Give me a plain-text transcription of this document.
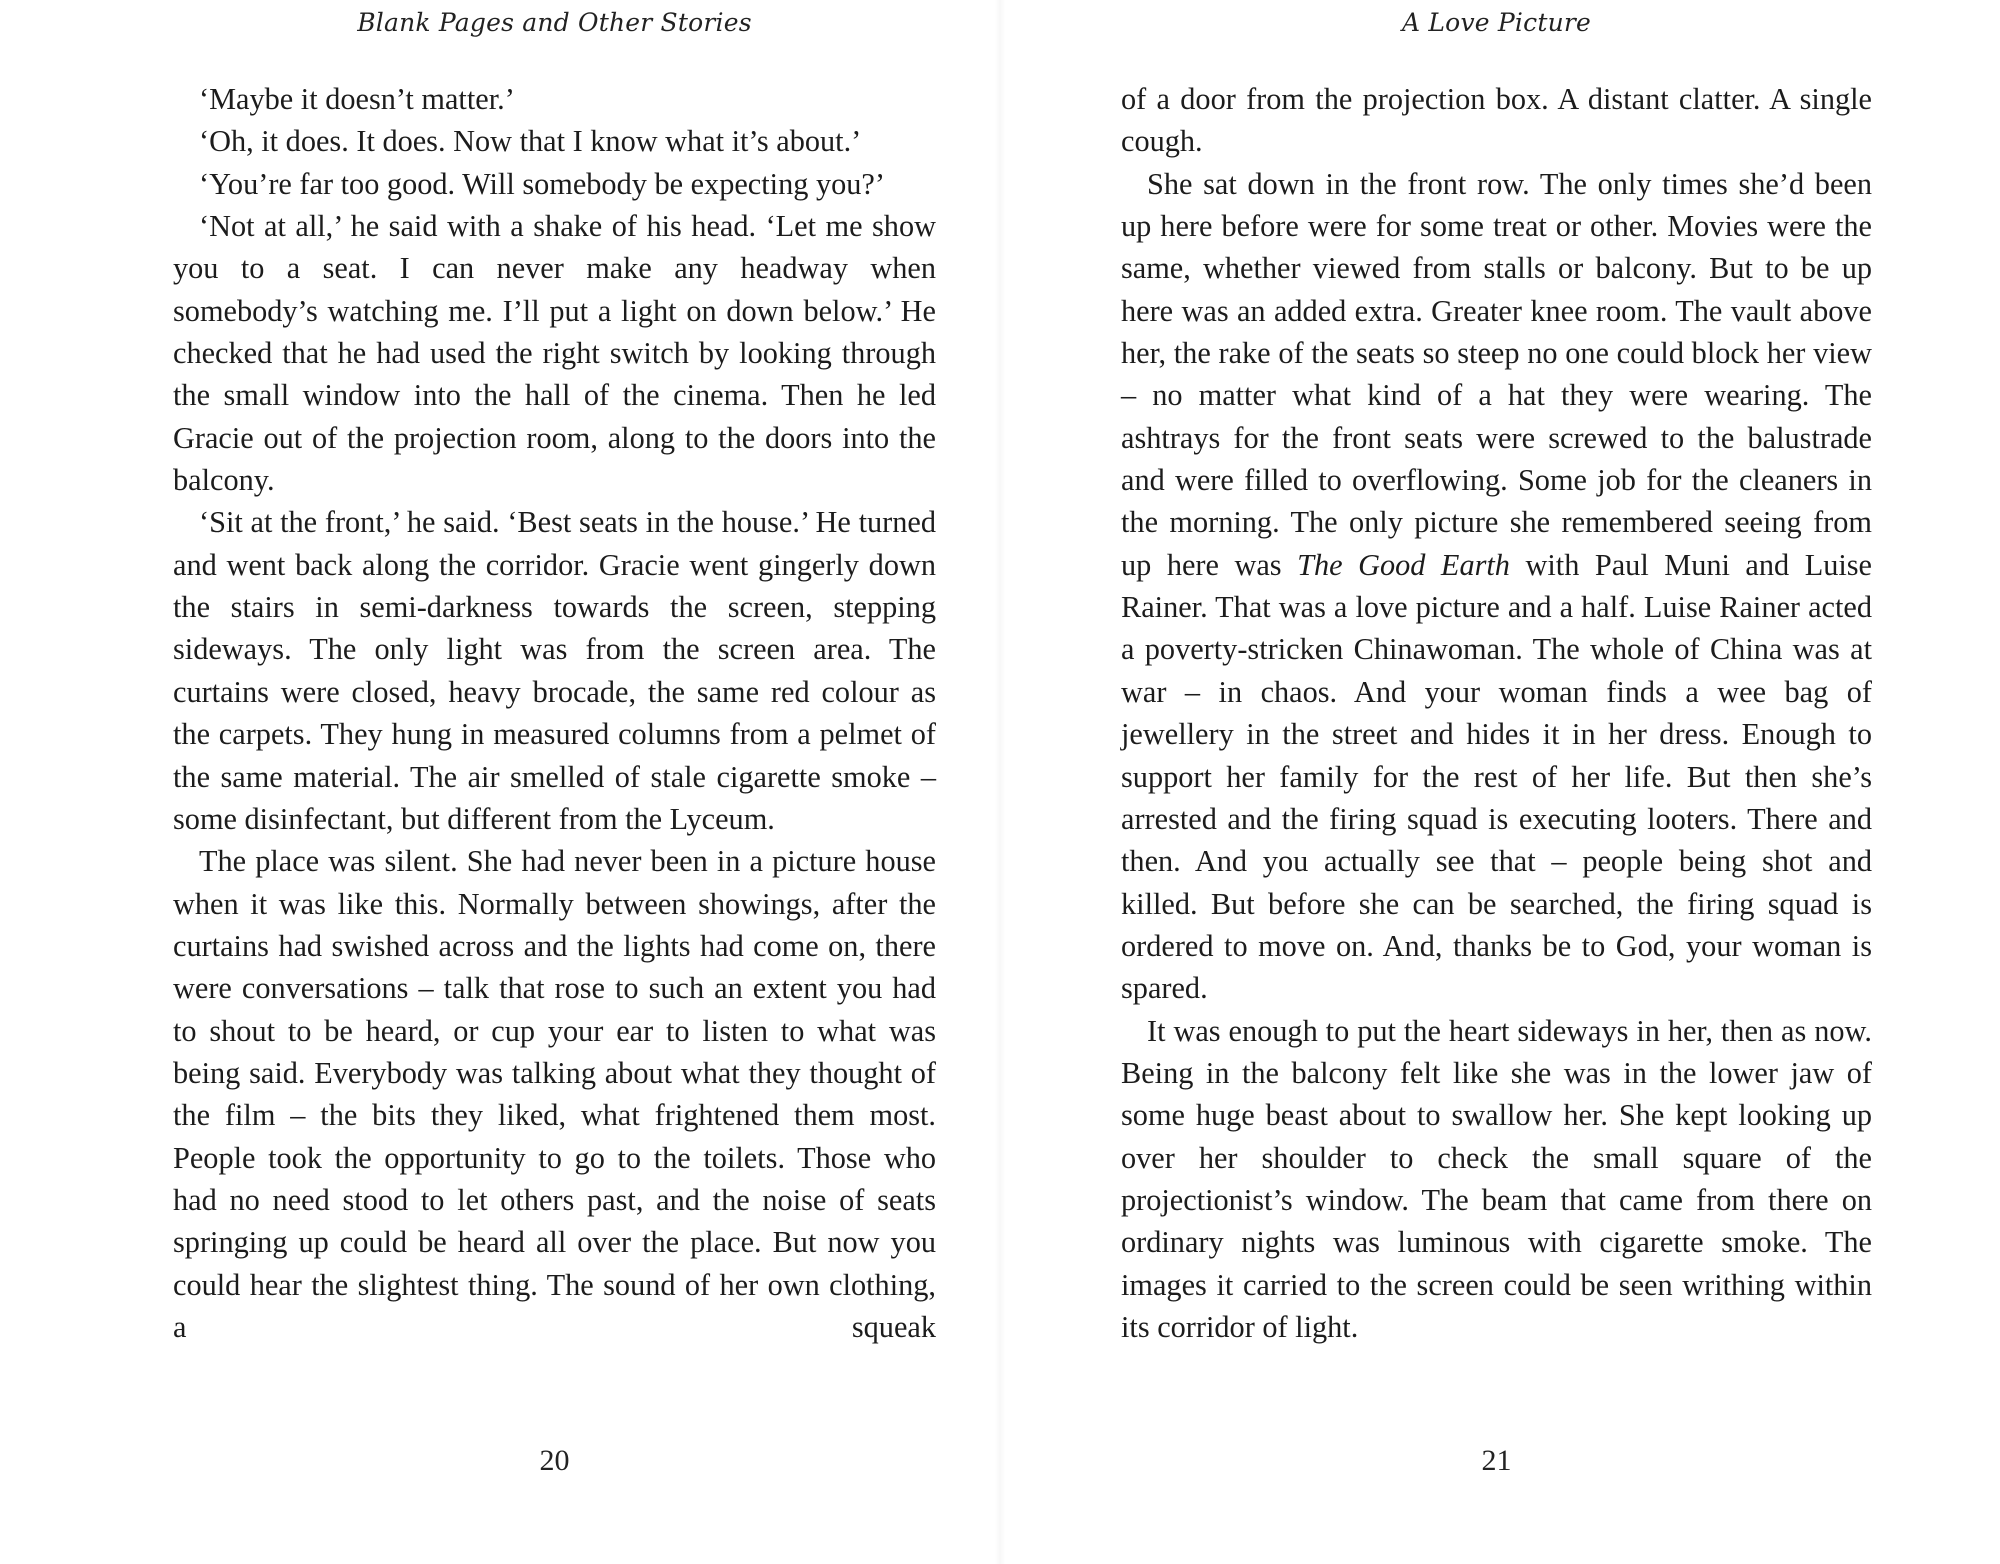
Blank Pages and Other Stories

‘Maybe it doesn’t matter.’

‘Oh, it does. It does. Now that I know what it’s about.’

‘You’re far too good. Will somebody be expecting you?’

‘Not at all,’ he said with a shake of his head. ‘Let me show you to a seat. I can never make any headway when somebody’s watching me. I’ll put a light on down below.’ He checked that he had used the right switch by looking through the small window into the hall of the cinema. Then he led Gracie out of the projection room, along to the doors into the balcony.

‘Sit at the front,’ he said. ‘Best seats in the house.’ He turned and went back along the corridor. Gracie went gingerly down the stairs in semi-darkness towards the screen, stepping sideways. The only light was from the screen area. The curtains were closed, heavy brocade, the same red colour as the carpets. They hung in measured columns from a pelmet of the same material. The air smelled of stale cigarette smoke – some disinfectant, but different from the Lyceum.

The place was silent. She had never been in a picture house when it was like this. Normally between showings, after the curtains had swished across and the lights had come on, there were conversations – talk that rose to such an extent you had to shout to be heard, or cup your ear to listen to what was being said. Everybody was talking about what they thought of the film – the bits they liked, what frightened them most. People took the opportunity to go to the toilets. Those who had no need stood to let others past, and the noise of seats springing up could be heard all over the place. But now you could hear the slightest thing. The sound of her own clothing, a squeak

20
A Love Picture

of a door from the projection box. A distant clatter. A single cough.

She sat down in the front row. The only times she’d been up here before were for some treat or other. Movies were the same, whether viewed from stalls or balcony. But to be up here was an added extra. Greater knee room. The vault above her, the rake of the seats so steep no one could block her view – no matter what kind of a hat they were wearing. The ashtrays for the front seats were screwed to the balustrade and were filled to overflowing. Some job for the cleaners in the morning. The only picture she remembered seeing from up here was The Good Earth with Paul Muni and Luise Rainer. That was a love picture and a half. Luise Rainer acted a poverty-stricken Chinawoman. The whole of China was at war – in chaos. And your woman finds a wee bag of jewellery in the street and hides it in her dress. Enough to support her family for the rest of her life. But then she’s arrested and the firing squad is executing looters. There and then. And you actually see that – people being shot and killed. But before she can be searched, the firing squad is ordered to move on. And, thanks be to God, your woman is spared.

It was enough to put the heart sideways in her, then as now. Being in the balcony felt like she was in the lower jaw of some huge beast about to swallow her. She kept looking up over her shoulder to check the small square of the projectionist’s window. The beam that came from there on ordinary nights was luminous with cigarette smoke. The images it carried to the screen could be seen writhing within its corridor of light.

21
